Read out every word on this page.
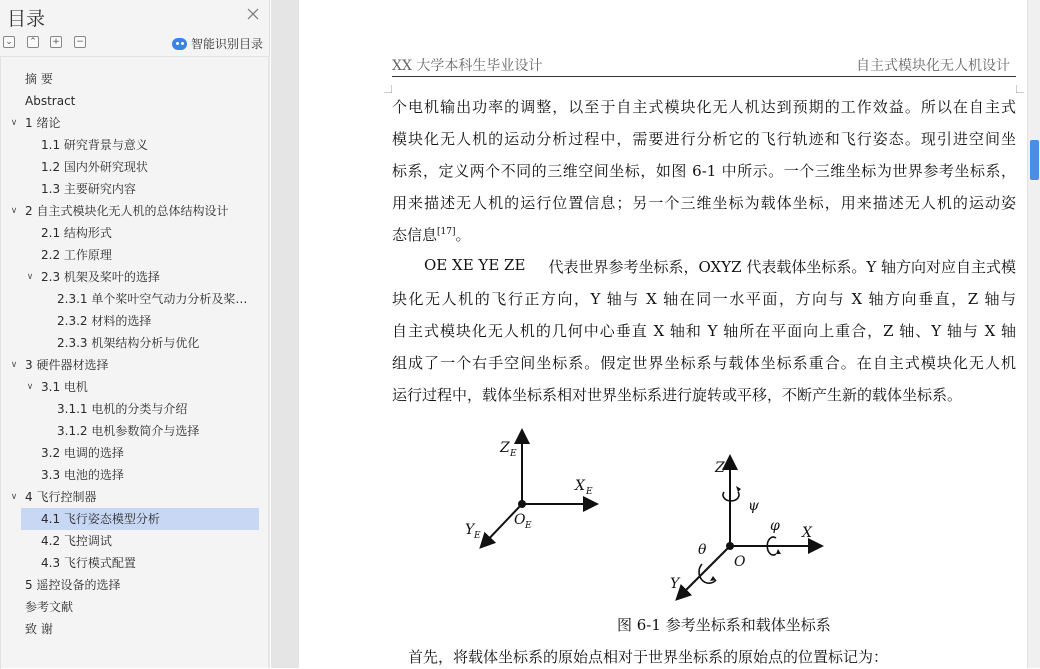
目录
⌄ ⌃ + −	智能识别目录
摘 要
Abstract
∨ 1 绪论
1.1 研究背景与意义
1.2 国内外研究现状
1.3 主要研究内容
∨ 2 自主式模块化无人机的总体结构设计
2.1 结构形式
2.2 工作原理
∨ 2.3 机架及桨叶的选择
2.3.1 单个桨叶空气动力分析及桨…
2.3.2 材料的选择
2.3.3 机架结构分析与优化
∨ 3 硬件器材选择
∨ 3.1 电机
3.1.1 电机的分类与介绍
3.1.2 电机参数简介与选择
3.2 电调的选择
3.3 电池的选择
∨ 4 飞行控制器
4.1 飞行姿态模型分析
4.2 飞控调试
4.3 飞行模式配置
5 遥控设备的选择
参考文献
致 谢
XX 大学本科生毕业设计	自主式模块化无人机设计
个电机输出功率的调整，以至于自主式模块化无人机达到预期的工作效益。所以在自主式
模块化无人机的运动分析过程中，需要进行分析它的飞行轨迹和飞行姿态。现引进空间坐
标系，定义两个不同的三维空间坐标，如图 6-1 中所示。一个三维坐标为世界参考坐标系，
用来描述无人机的运行位置信息；另一个三维坐标为载体坐标，用来描述无人机的运动姿
态信息[17]。
OE XE YE ZE 代表世界参考坐标系，OXYZ 代表载体坐标系。Y 轴方向对应自主式模
块化无人机的飞行正方向，Y 轴与 X 轴在同一水平面，方向与 X 轴方向垂直，Z 轴与
自主式模块化无人机的几何中心垂直 X 轴和 Y 轴所在平面向上重合，Z 轴、Y 轴与 X 轴
组成了一个右手空间坐标系。假定世界坐标系与载体坐标系重合。在自主式模块化无人机
运行过程中，载体坐标系相对世界坐标系进行旋转或平移，不断产生新的载体坐标系。
Z E
X E
Y E
O E
Z
ψ
φ X
θ
O
Y
图 6-1 参考坐标系和载体坐标系
首先，将载体坐标系的原始点相对于世界坐标系的原始点的位置标记为：
